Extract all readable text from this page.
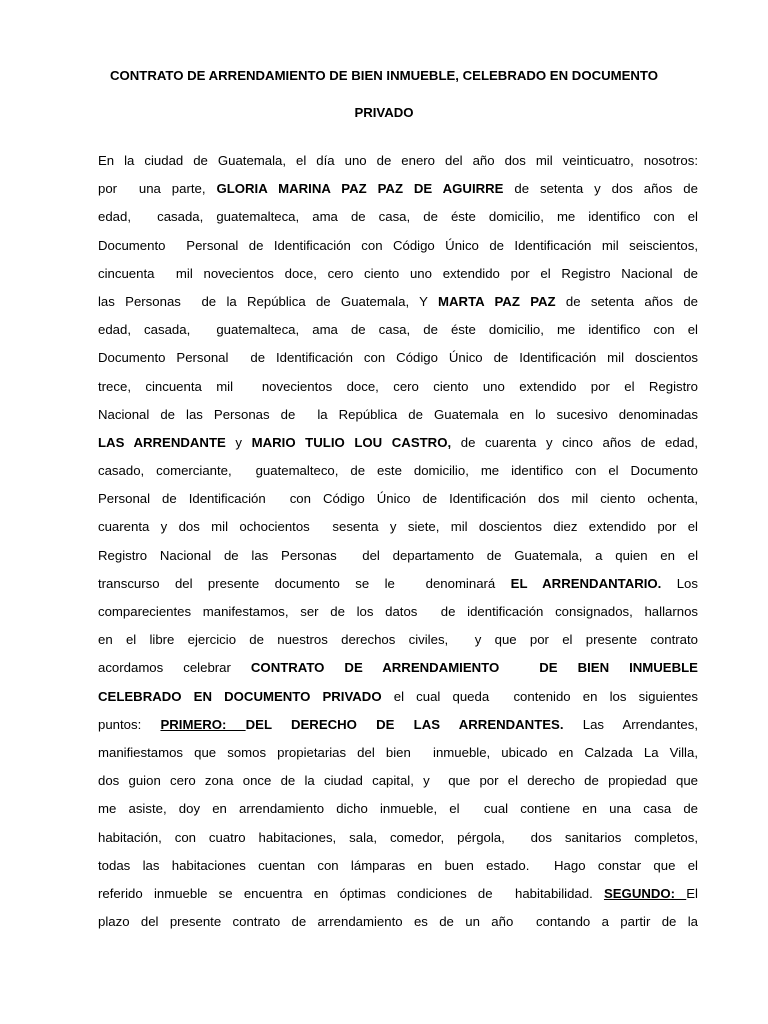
CONTRATO DE ARRENDAMIENTO DE BIEN INMUEBLE, CELEBRADO EN DOCUMENTO
PRIVADO
En la ciudad de Guatemala, el día uno de enero del año dos mil veinticuatro, nosotros:
por  una parte, GLORIA MARINA PAZ PAZ DE AGUIRRE de setenta y dos años de
edad,  casada, guatemalteca, ama de casa, de éste domicilio, me identifico con el
Documento  Personal de Identificación con Código Único de Identificación mil seiscientos,
cincuenta  mil novecientos doce, cero ciento uno extendido por el Registro Nacional de
las Personas  de la República de Guatemala, Y MARTA PAZ PAZ de setenta años de
edad, casada,  guatemalteca, ama de casa, de éste domicilio, me identifico con el
Documento Personal  de Identificación con Código Único de Identificación mil doscientos
trece, cincuenta mil  novecientos doce, cero ciento uno extendido por el Registro
Nacional de las Personas de  la República de Guatemala en lo sucesivo denominadas
LAS ARRENDANTE y MARIO TULIO LOU CASTRO, de cuarenta y cinco años de edad,
casado, comerciante,  guatemalteco, de este domicilio, me identifico con el Documento
Personal de Identificación  con Código Único de Identificación dos mil ciento ochenta,
cuarenta y dos mil ochocientos  sesenta y siete, mil doscientos diez extendido por el
Registro Nacional de las Personas  del departamento de Guatemala, a quien en el
transcurso del presente documento se le  denominará EL ARRENDANTARIO. Los
comparecientes manifestamos, ser de los datos  de identificación consignados, hallarnos
en el libre ejercicio de nuestros derechos civiles,  y que por el presente contrato
acordamos celebrar CONTRATO DE ARRENDAMIENTO  DE BIEN INMUEBLE
CELEBRADO EN DOCUMENTO PRIVADO el cual queda  contenido en los siguientes
puntos: PRIMERO: DEL DERECHO DE LAS ARRENDANTES. Las Arrendantes,
manifiestamos que somos propietarias del bien  inmueble, ubicado en Calzada La Villa,
dos guion cero zona once de la ciudad capital, y  que por el derecho de propiedad que
me asiste, doy en arrendamiento dicho inmueble, el  cual contiene en una casa de
habitación, con cuatro habitaciones, sala, comedor, pérgola,  dos sanitarios completos,
todas las habitaciones cuentan con lámparas en buen estado.  Hago constar que el
referido inmueble se encuentra en óptimas condiciones de  habitabilidad. SEGUNDO: El
plazo del presente contrato de arrendamiento es de un año  contando a partir de la
